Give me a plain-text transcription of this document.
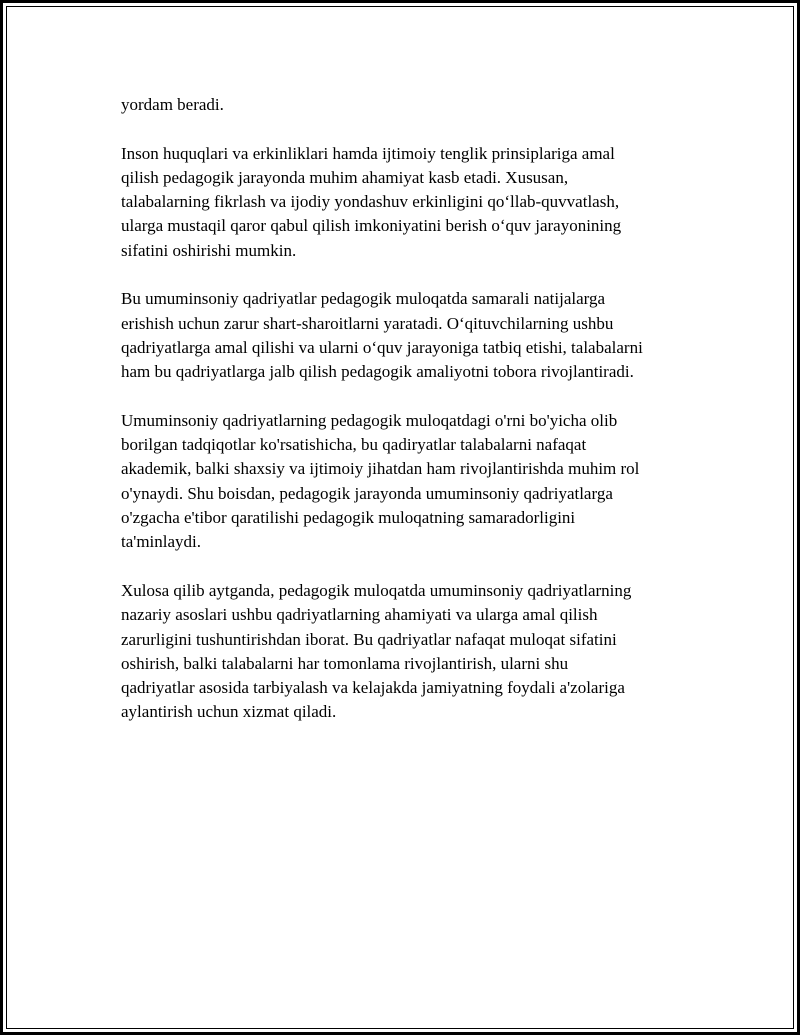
yordam beradi.

Inson huquqlari va erkinliklari hamda ijtimoiy tenglik prinsiplariga amal
qilish pedagogik jarayonda muhim ahamiyat kasb etadi. Xususan,
talabalarning fikrlash va ijodiy yondashuv erkinligini qo‘llab-quvvatlash,
ularga mustaqil qaror qabul qilish imkoniyatini berish o‘quv jarayonining
sifatini oshirishi mumkin.

Bu umuminsoniy qadriyatlar pedagogik muloqatda samarali natijalarga
erishish uchun zarur shart-sharoitlarni yaratadi. O‘qituvchilarning ushbu
qadriyatlarga amal qilishi va ularni o‘quv jarayoniga tatbiq etishi, talabalarni
ham bu qadriyatlarga jalb qilish pedagogik amaliyotni tobora rivojlantiradi.

Umuminsoniy qadriyatlarning pedagogik muloqatdagi o'rni bo'yicha olib
borilgan tadqiqotlar ko'rsatishicha, bu qadiryatlar talabalarni nafaqat
akademik, balki shaxsiy va ijtimoiy jihatdan ham rivojlantirishda muhim rol
o'ynaydi. Shu boisdan, pedagogik jarayonda umuminsoniy qadriyatlarga
o'zgacha e'tibor qaratilishi pedagogik muloqatning samaradorligini
ta'minlaydi.

Xulosa qilib aytganda, pedagogik muloqatda umuminsoniy qadriyatlarning
nazariy asoslari ushbu qadriyatlarning ahamiyati va ularga amal qilish
zarurligini tushuntirishdan iborat. Bu qadriyatlar nafaqat muloqat sifatini
oshirish, balki talabalarni har tomonlama rivojlantirish, ularni shu
qadriyatlar asosida tarbiyalash va kelajakda jamiyatning foydali a'zolariga
aylantirish uchun xizmat qiladi.
